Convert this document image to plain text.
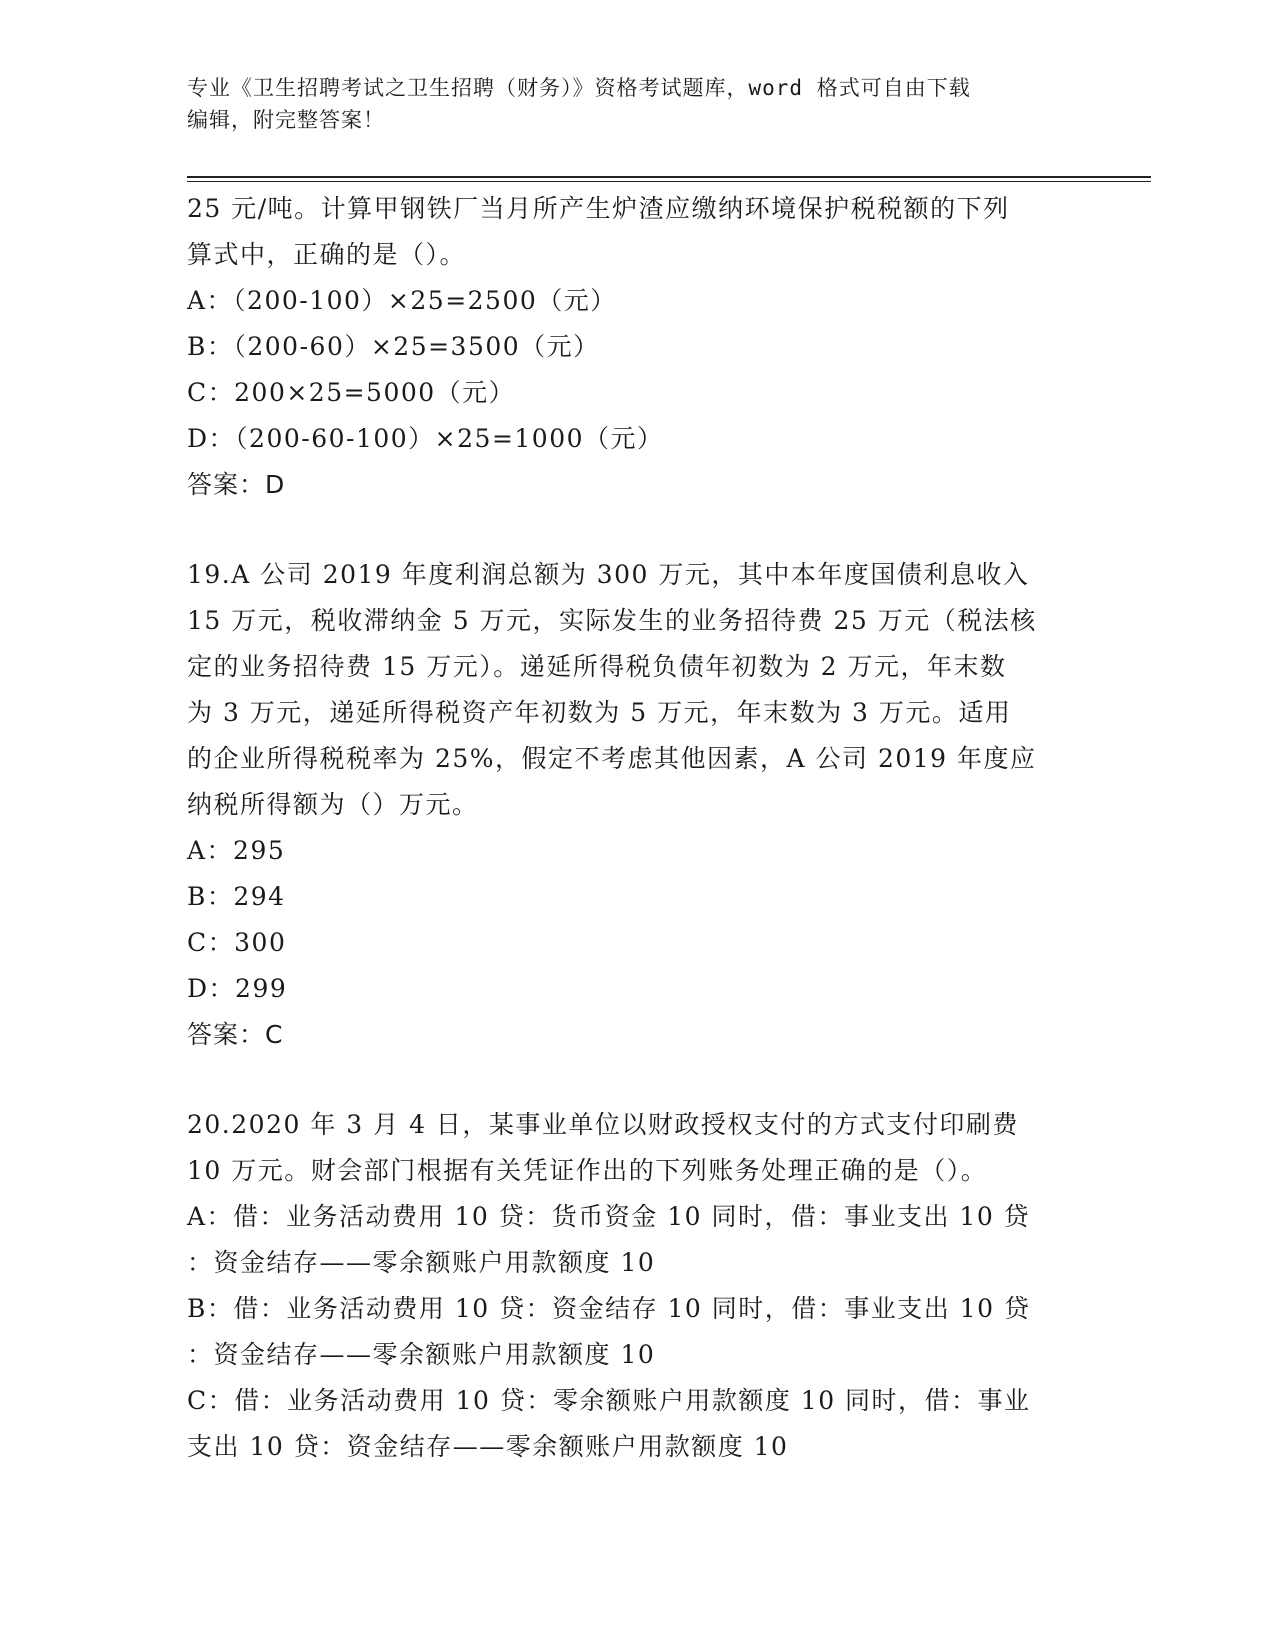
专业《卫生招聘考试之卫生招聘（财务）》资格考试题库，word 格式可自由下载
编辑，附完整答案！
25 元/吨。计算甲钢铁厂当月所产生炉渣应缴纳环境保护税税额的下列
算式中，正确的是（）。
A：（200-100）×25=2500（元）
B：（200-60）×25=3500（元）
C：200×25=5000（元）
D：（200-60-100）×25=1000（元）
答案：D
19.A 公司 2019 年度利润总额为 300 万元，其中本年度国债利息收入
15 万元，税收滞纳金 5 万元，实际发生的业务招待费 25 万元（税法核
定的业务招待费 15 万元）。递延所得税负债年初数为 2 万元，年末数
为 3 万元，递延所得税资产年初数为 5 万元，年末数为 3 万元。适用
的企业所得税税率为 25%，假定不考虑其他因素，A 公司 2019 年度应
纳税所得额为（）万元。
A：295
B：294
C：300
D：299
答案：C
20.2020 年 3 月 4 日，某事业单位以财政授权支付的方式支付印刷费
10 万元。财会部门根据有关凭证作出的下列账务处理正确的是（）。
A：借：业务活动费用 10 贷：货币资金 10 同时，借：事业支出 10 贷
：资金结存——零余额账户用款额度 10
B：借：业务活动费用 10 贷：资金结存 10 同时，借：事业支出 10 贷
：资金结存——零余额账户用款额度 10
C：借：业务活动费用 10 贷：零余额账户用款额度 10 同时，借：事业
支出 10 贷：资金结存——零余额账户用款额度 10
